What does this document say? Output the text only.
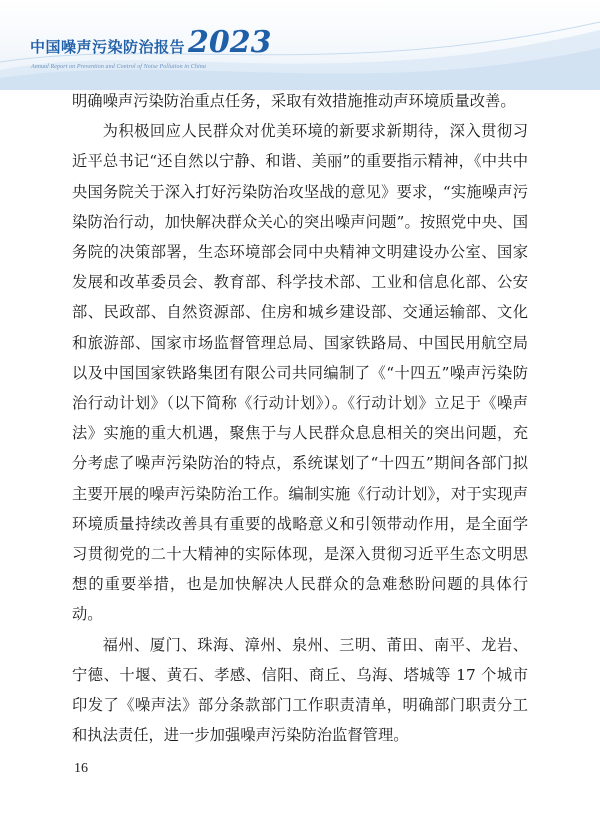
中国噪声污染防治报告 2023
Annual Report on Prevention and Control of Noise Pollution in China

明确噪声污染防治重点任务，采取有效措施推动声环境质量改善。

为积极回应人民群众对优美环境的新要求新期待，深入贯彻习近平总书记“还自然以宁静、和谐、美丽”的重要指示精神，《中共中央国务院关于深入打好污染防治攻坚战的意见》要求，“实施噪声污染防治行动，加快解决群众关心的突出噪声问题”。按照党中央、国务院的决策部署，生态环境部会同中央精神文明建设办公室、国家发展和改革委员会、教育部、科学技术部、工业和信息化部、公安部、民政部、自然资源部、住房和城乡建设部、交通运输部、文化和旅游部、国家市场监督管理总局、国家铁路局、中国民用航空局以及中国国家铁路集团有限公司共同编制了《“十四五”噪声污染防治行动计划》（以下简称《行动计划》）。《行动计划》立足于《噪声法》实施的重大机遇，聚焦于与人民群众息息相关的突出问题，充分考虑了噪声污染防治的特点，系统谋划了“十四五”期间各部门拟主要开展的噪声污染防治工作。编制实施《行动计划》，对于实现声环境质量持续改善具有重要的战略意义和引领带动作用，是全面学习贯彻党的二十大精神的实际体现，是深入贯彻习近平生态文明思想的重要举措，也是加快解决人民群众的急难愁盼问题的具体行动。

福州、厦门、珠海、漳州、泉州、三明、莆田、南平、龙岩、宁德、十堰、黄石、孝感、信阳、商丘、乌海、塔城等 17 个城市印发了《噪声法》部分条款部门工作职责清单，明确部门职责分工和执法责任，进一步加强噪声污染防治监督管理。

16
